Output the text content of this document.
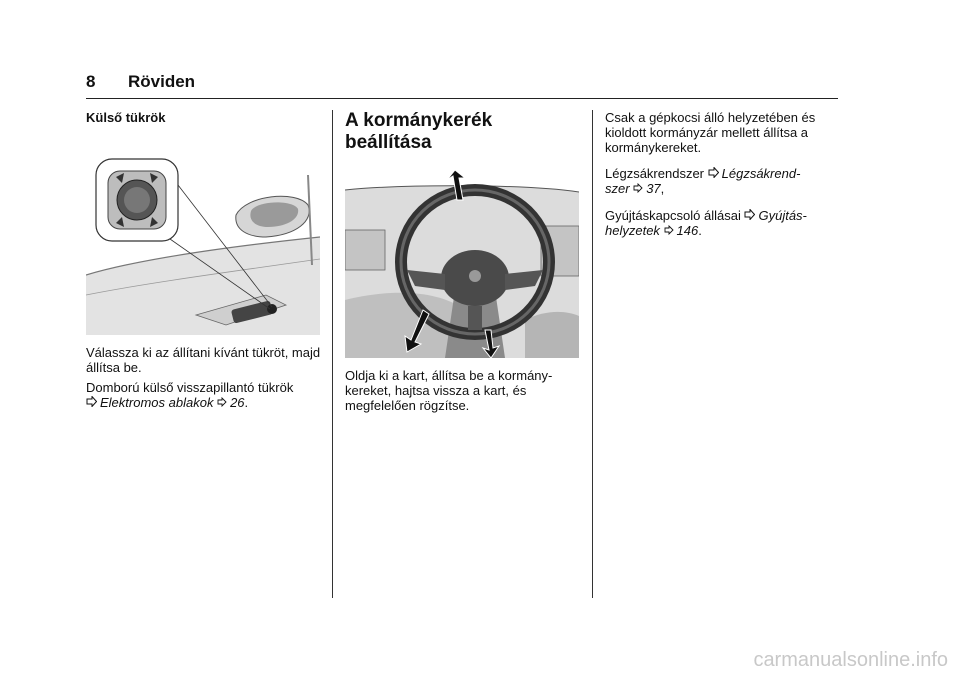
8 Röviden
Külső tükrök
Válassza ki az állítani kívánt tükröt, majd állítsa be.
Domború külső visszapillantó tükrök
Elektromos ablakok 26.
A kormánykerék
beállítása
Oldja ki a kart, állítsa be a kormány-kereket, hajtsa vissza a kart, és megfelelően rögzítse.
Csak a gépkocsi álló helyzetében és kioldott kormányzár mellett állítsa a kormánykereket.
Légzsákrendszer Légzsákrend-
szer 37,
Gyújtáskapcsoló állásai Gyújtás-
helyzetek 146.
carmanualsonline.info
